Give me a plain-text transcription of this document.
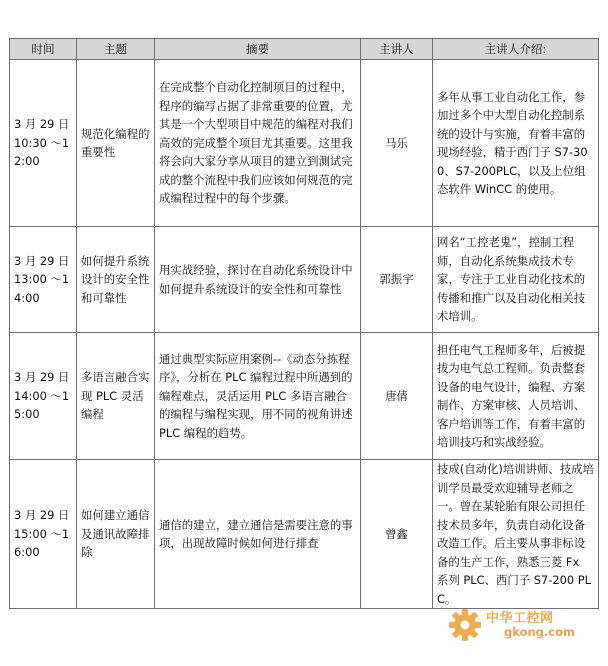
时间	主题	摘要	主讲人	主讲人介绍:
3 月 29 日 10:30 ～12:00	规范化编程的重要性	在完成整个自动化控制项目的过程中，程序的编写占据了非常重要的位置，尤其是一个大型项目中规范的编程对我们高效的完成整个项目尤其重要。这里我将会向大家分享从项目的建立到测试完成的整个流程中我们应该如何规范的完成编程过程中的每个步骤。	马乐	多年从事工业自动化工作，参加过多个中大型自动化控制系统的设计与实施，有着丰富的现场经验，精于西门子 S7-300、S7-200PLC，以及上位组态软件 WinCC 的使用。
3 月 29 日 13:00 ～14:00	如何提升系统设计的安全性和可靠性	用实战经验，探讨在自动化系统设计中如何提升系统设计的安全性和可靠性	郭振宇	网名“工控老鬼”，控制工程师，自动化系统集成技术专家，专注于工业自动化技术的传播和推广以及自动化相关技术培训。
3 月 29 日 14:00 ～15:00	多语言融合实现 PLC 灵活编程	通过典型实际应用案例--《动态分拣程序》，分析在 PLC 编程过程中所遇到的编程难点，灵活运用 PLC 多语言融合的编程与编程实现，用不同的视角讲述 PLC 编程的趋势。	唐倩	担任电气工程师多年，后被提拔为电气总工程师。负责整套设备的电气设计，编程、方案制作、方案审核、人员培训、客户培训等工作，有着丰富的培训技巧和实战经验。
3 月 29 日 15:00 ～16:00	如何建立通信及通讯故障排除	通信的建立，建立通信是需要注意的事项，出现故障时候如何进行排查	曾鑫	技成(自动化)培训讲师、技成培训学员最受欢迎辅导老师之一。曾在某轮胎有限公司担任技术员多年，负责自动化设备改造工作。后主要从事非标设备的生产工作，熟悉三菱 Fx 系列 PLC、西门子 S7-200 PLC。
中华工控网
gkong.com
